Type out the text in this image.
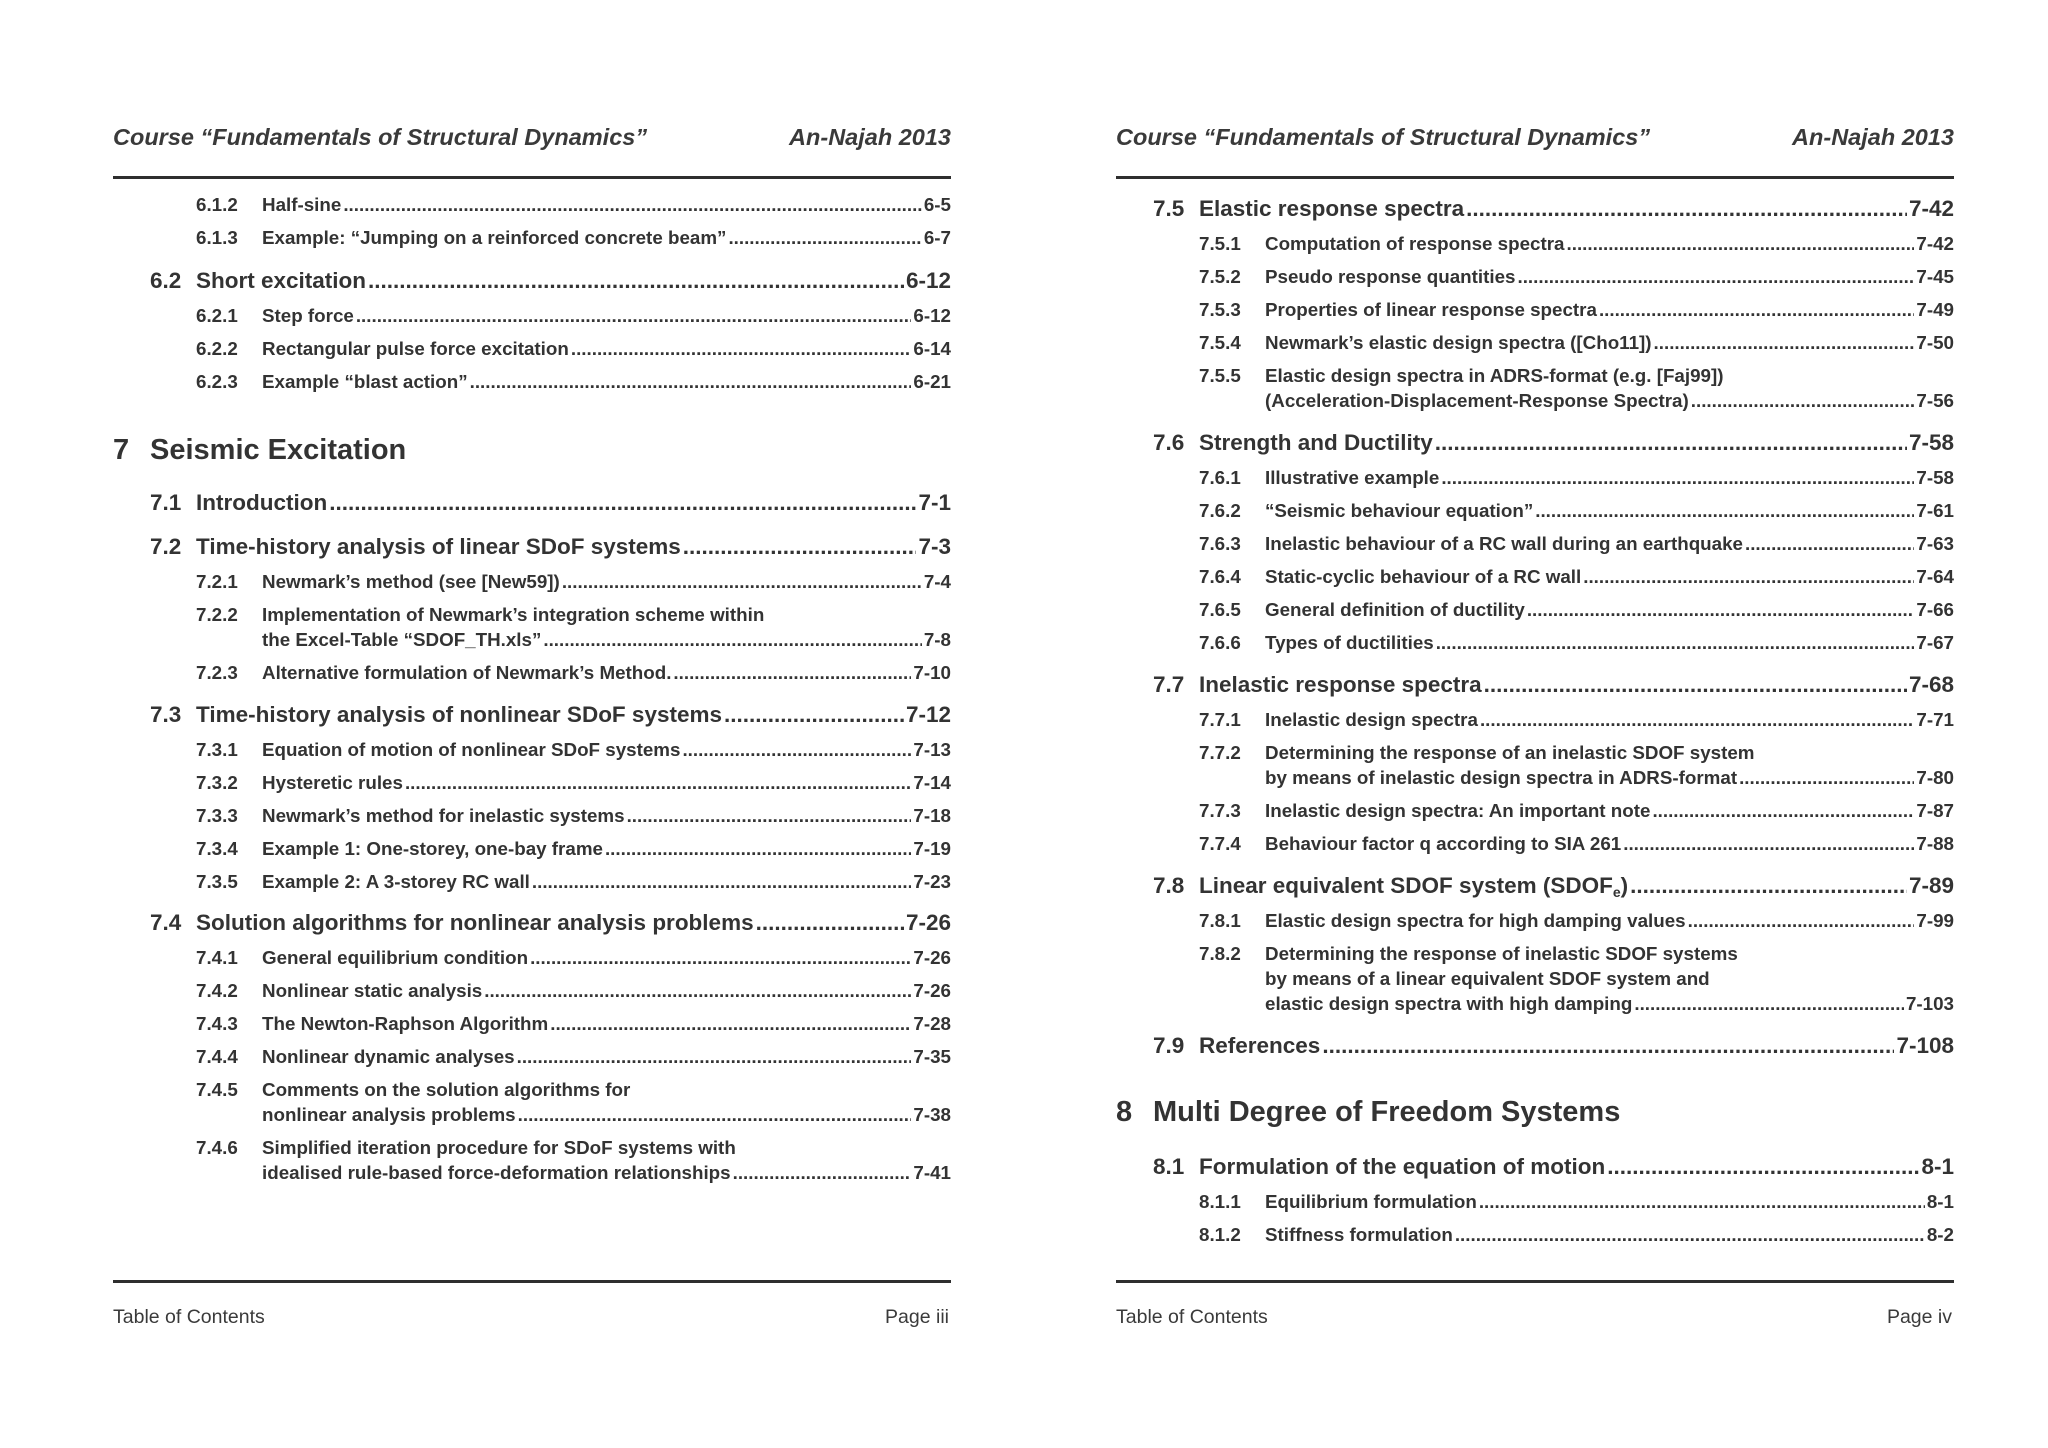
Course “Fundamentals of Structural Dynamics”	An-Najah 2013
6.1.2	Half-sine .....	6-5
6.1.3	Example: “Jumping on a reinforced concrete beam” .....	6-7
6.2 Short excitation .....	6-12
6.2.1	Step force .....	6-12
6.2.2	Rectangular pulse force excitation .....	6-14
6.2.3	Example “blast action” .....	6-21
7 Seismic Excitation
7.1 Introduction .....	7-1
7.2 Time-history analysis of linear SDoF systems .....	7-3
7.2.1	Newmark’s method (see [New59]) .....	7-4
7.2.2	Implementation of Newmark’s integration scheme within
the Excel-Table “SDOF_TH.xls” .....	7-8
7.2.3	Alternative formulation of Newmark’s Method. .....	7-10
7.3 Time-history analysis of nonlinear SDoF systems .....	7-12
7.3.1	Equation of motion of nonlinear SDoF systems .....	7-13
7.3.2	Hysteretic rules .....	7-14
7.3.3	Newmark’s method for inelastic systems .....	7-18
7.3.4	Example 1: One-storey, one-bay frame .....	7-19
7.3.5	Example 2: A 3-storey RC wall .....	7-23
7.4 Solution algorithms for nonlinear analysis problems .....	7-26
7.4.1	General equilibrium condition .....	7-26
7.4.2	Nonlinear static analysis .....	7-26
7.4.3	The Newton-Raphson Algorithm .....	7-28
7.4.4	Nonlinear dynamic analyses .....	7-35
7.4.5	Comments on the solution algorithms for
nonlinear analysis problems .....	7-38
7.4.6	Simplified iteration procedure for SDoF systems with
idealised rule-based force-deformation relationships .....	7-41
Table of Contents	Page iii
Course “Fundamentals of Structural Dynamics”	An-Najah 2013
7.5 Elastic response spectra .....	7-42
7.5.1	Computation of response spectra .....	7-42
7.5.2	Pseudo response quantities .....	7-45
7.5.3	Properties of linear response spectra .....	7-49
7.5.4	Newmark’s elastic design spectra ([Cho11]) .....	7-50
7.5.5	Elastic design spectra in ADRS-format (e.g. [Faj99])
(Acceleration-Displacement-Response Spectra) .....	7-56
7.6 Strength and Ductility .....	7-58
7.6.1	Illustrative example .....	7-58
7.6.2	“Seismic behaviour equation” .....	7-61
7.6.3	Inelastic behaviour of a RC wall during an earthquake .....	7-63
7.6.4	Static-cyclic behaviour of a RC wall .....	7-64
7.6.5	General definition of ductility .....	7-66
7.6.6	Types of ductilities .....	7-67
7.7 Inelastic response spectra .....	7-68
7.7.1	Inelastic design spectra .....	7-71
7.7.2	Determining the response of an inelastic SDOF system
by means of inelastic design spectra in ADRS-format .....	7-80
7.7.3	Inelastic design spectra: An important note .....	7-87
7.7.4	Behaviour factor q according to SIA 261 .....	7-88
7.8 Linear equivalent SDOF system $(SDOF_e)$ .....	7-89
7.8.1	Elastic design spectra for high damping values .....	7-99
7.8.2	Determining the response of inelastic SDOF systems
by means of a linear equivalent SDOF system and
elastic design spectra with high damping .....	7-103
7.9 References .....	7-108
8 Multi Degree of Freedom Systems
8.1 Formulation of the equation of motion .....	8-1
8.1.1	Equilibrium formulation .....	8-1
8.1.2	Stiffness formulation .....	8-2
Table of Contents	Page iv
